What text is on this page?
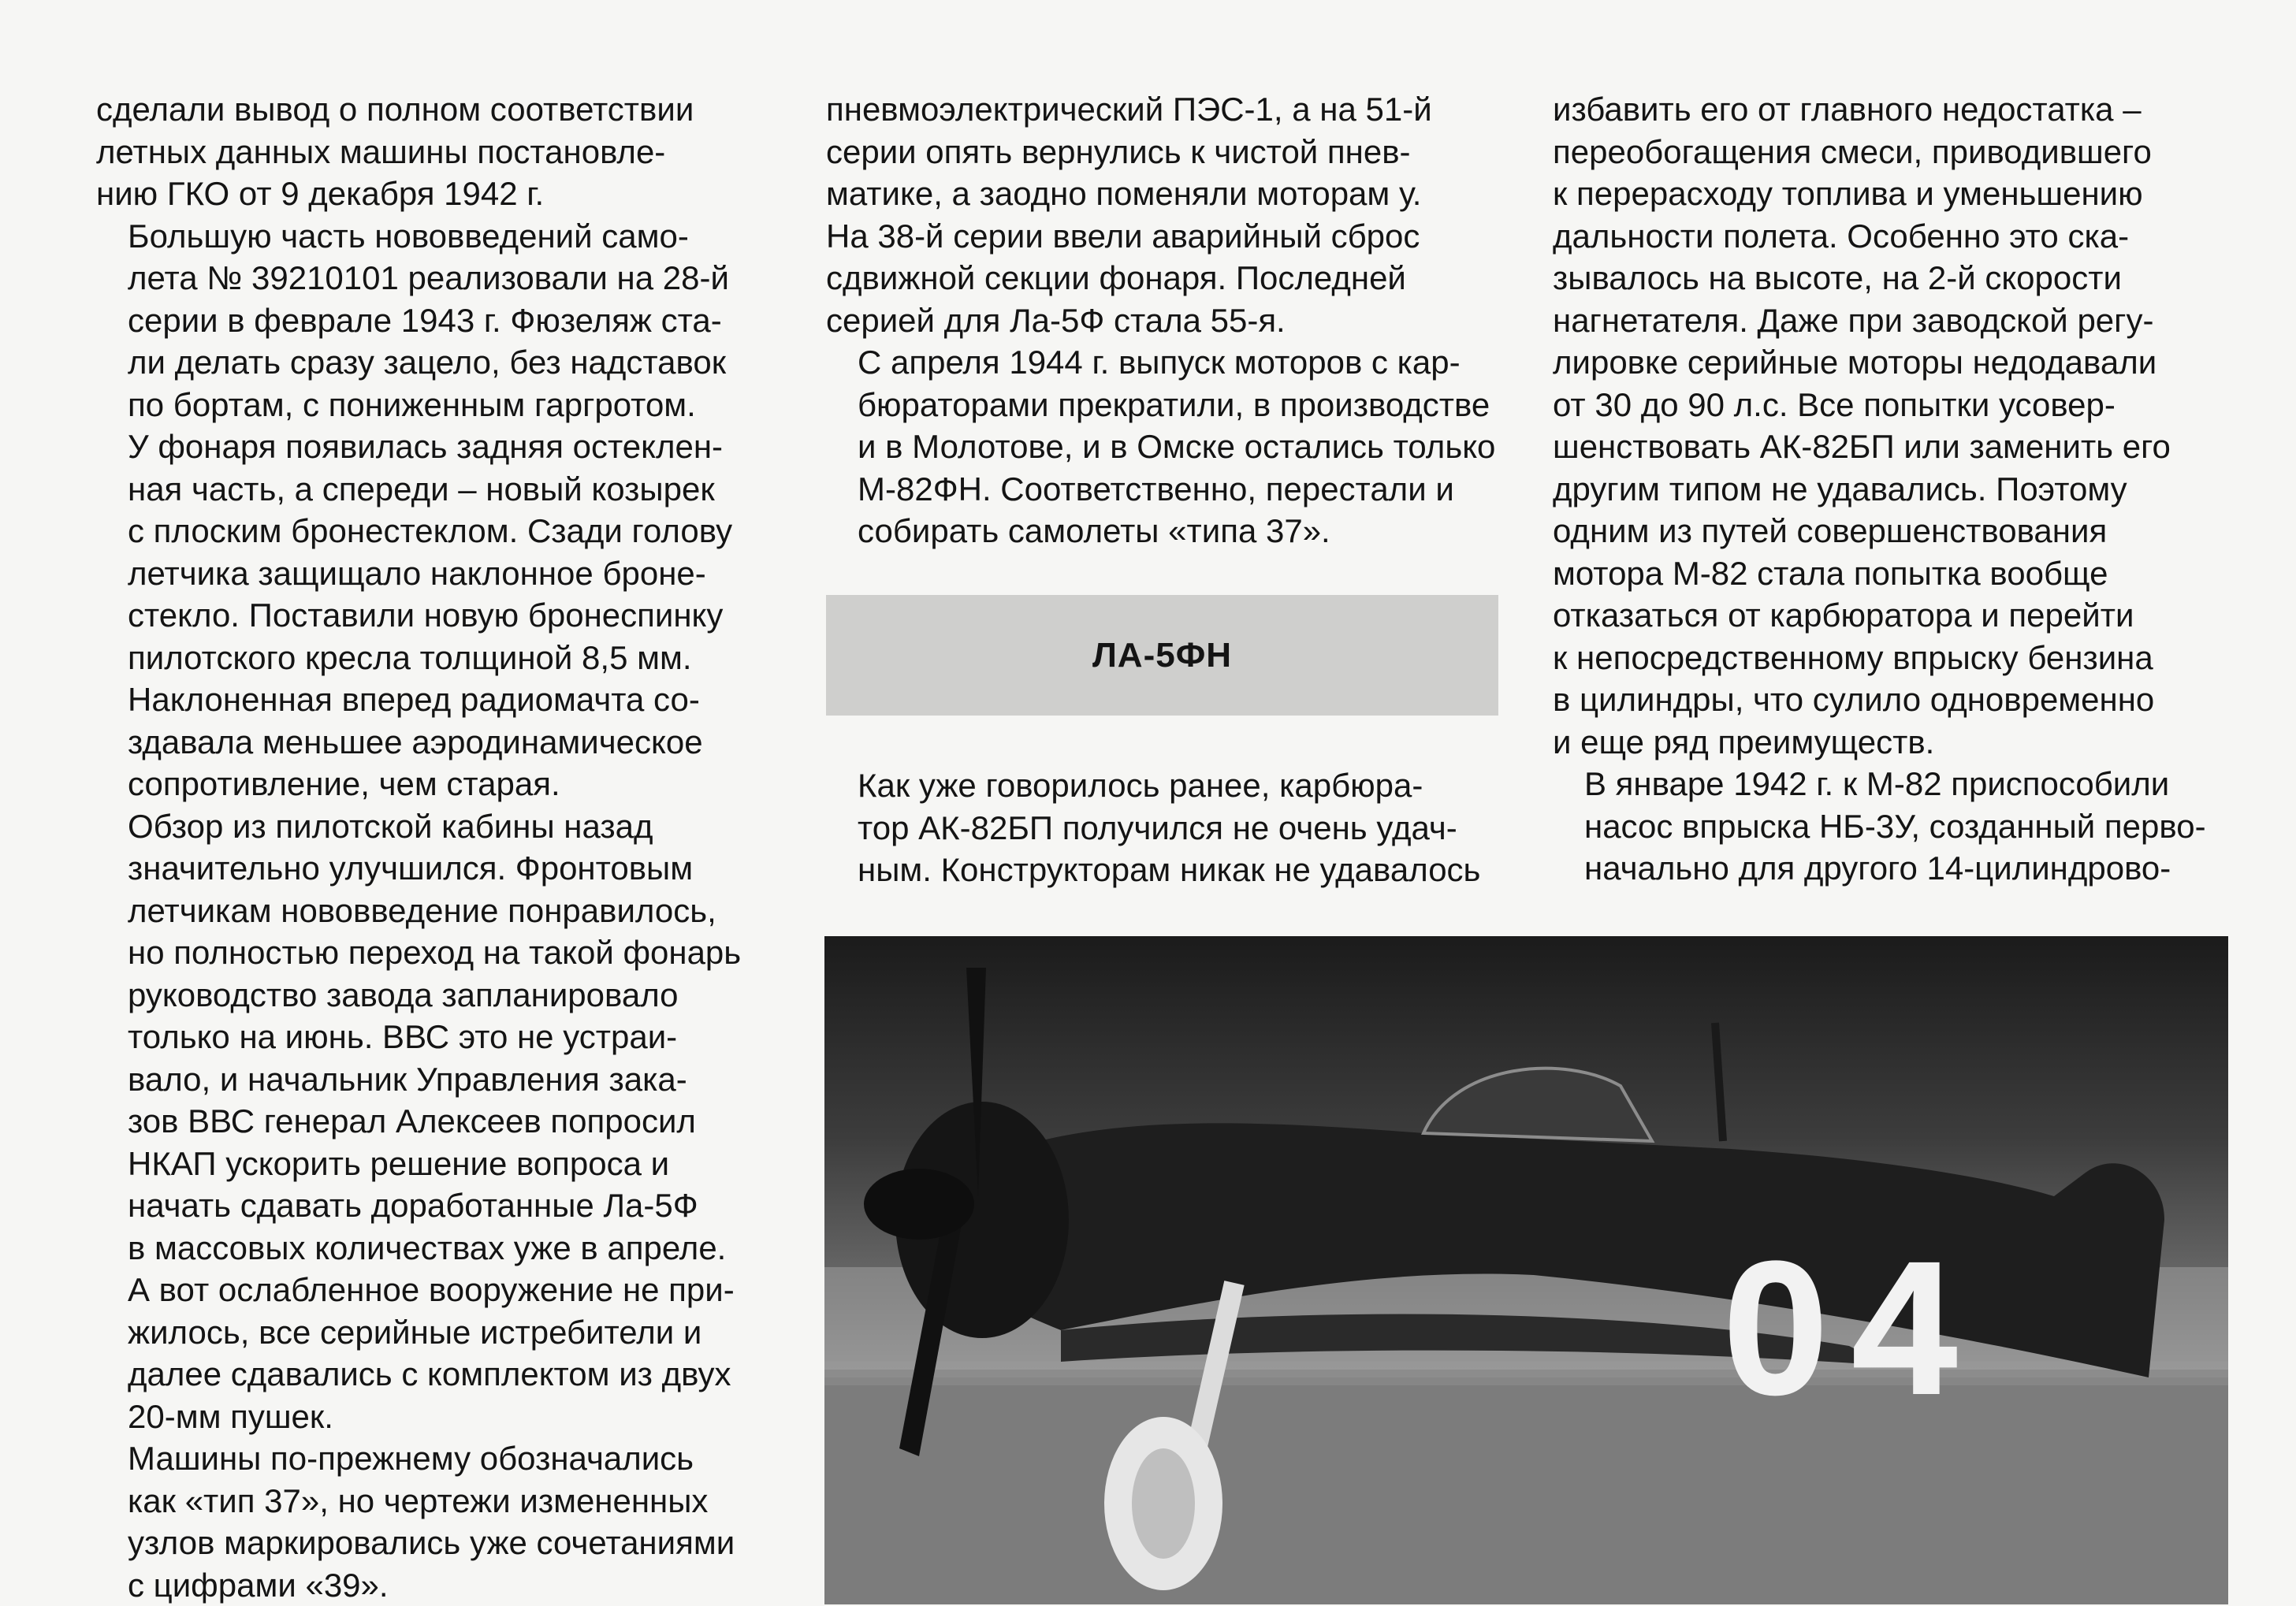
сделали вывод о полном соответствии
летных данных машины постановле-
нию ГКО от 9 декабря 1942 г.

Большую часть нововведений само-
лета № 39210101 реализовали на 28-й
серии в феврале 1943 г. Фюзеляж ста-
ли делать сразу зацело, без надставок
по бортам, с пониженным гаргротом.
У фонаря появилась задняя остеклен-
ная часть, а спереди – новый козырек
с плоским бронестеклом. Сзади голову
летчика защищало наклонное броне-
стекло. Поставили новую бронеспинку
пилотского кресла толщиной 8,5 мм.
Наклоненная вперед радиомачта со-
здавала меньшее аэродинамическое
сопротивление, чем старая.

Обзор из пилотской кабины назад
значительно улучшился. Фронтовым
летчикам нововведение понравилось,
но полностью переход на такой фонарь
руководство завода запланировало
только на июнь. ВВС это не устраи-
вало, и начальник Управления зака-
зов ВВС генерал Алексеев попросил
НКАП ускорить решение вопроса и
начать сдавать доработанные Ла-5Ф
в массовых количествах уже в апреле.
А вот ослабленное вооружение не при-
жилось, все серийные истребители и
далее сдавались с комплектом из двух
20-мм пушек.

Машины по-прежнему обозначались
как «тип 37», но чертежи измененных
узлов маркировались уже сочетаниями
с цифрами «39».

пневмоэлектрический ПЭС-1, а на 51-й
серии опять вернулись к чистой пнев-
матике, а заодно поменяли моторам у.
На 38-й серии ввели аварийный сброс
сдвижной секции фонаря. Последней
серией для Ла-5Ф стала 55-я.

С апреля 1944 г. выпуск моторов с кар-
бюраторами прекратили, в производстве
и в Молотове, и в Омске остались только
М-82ФН. Соответственно, перестали и
собирать самолеты «типа 37».

ЛА-5ФН

Как уже говорилось ранее, карбюра-
тор АК-82БП получился не очень удач-
ным. Конструкторам никак не удавалось

избавить его от главного недостатка –
переобогащения смеси, приводившего
к перерасходу топлива и уменьшению
дальности полета. Особенно это ска-
зывалось на высоте, на 2-й скорости
нагнетателя. Даже при заводской регу-
лировке серийные моторы недодавали
от 30 до 90 л.с. Все попытки усовер-
шенствовать АК-82БП или заменить его
другим типом не удавались. Поэтому
одним из путей совершенствования
мотора М-82 стала попытка вообще
отказаться от карбюратора и перейти
к непосредственному впрыску бензина
в цилиндры, что сулило одновременно
и еще ряд преимуществ.

В январе 1942 г. к М-82 приспособили
насос впрыска НБ-3У, созданный перво-
начально для другого 14-цилиндрово-

04
